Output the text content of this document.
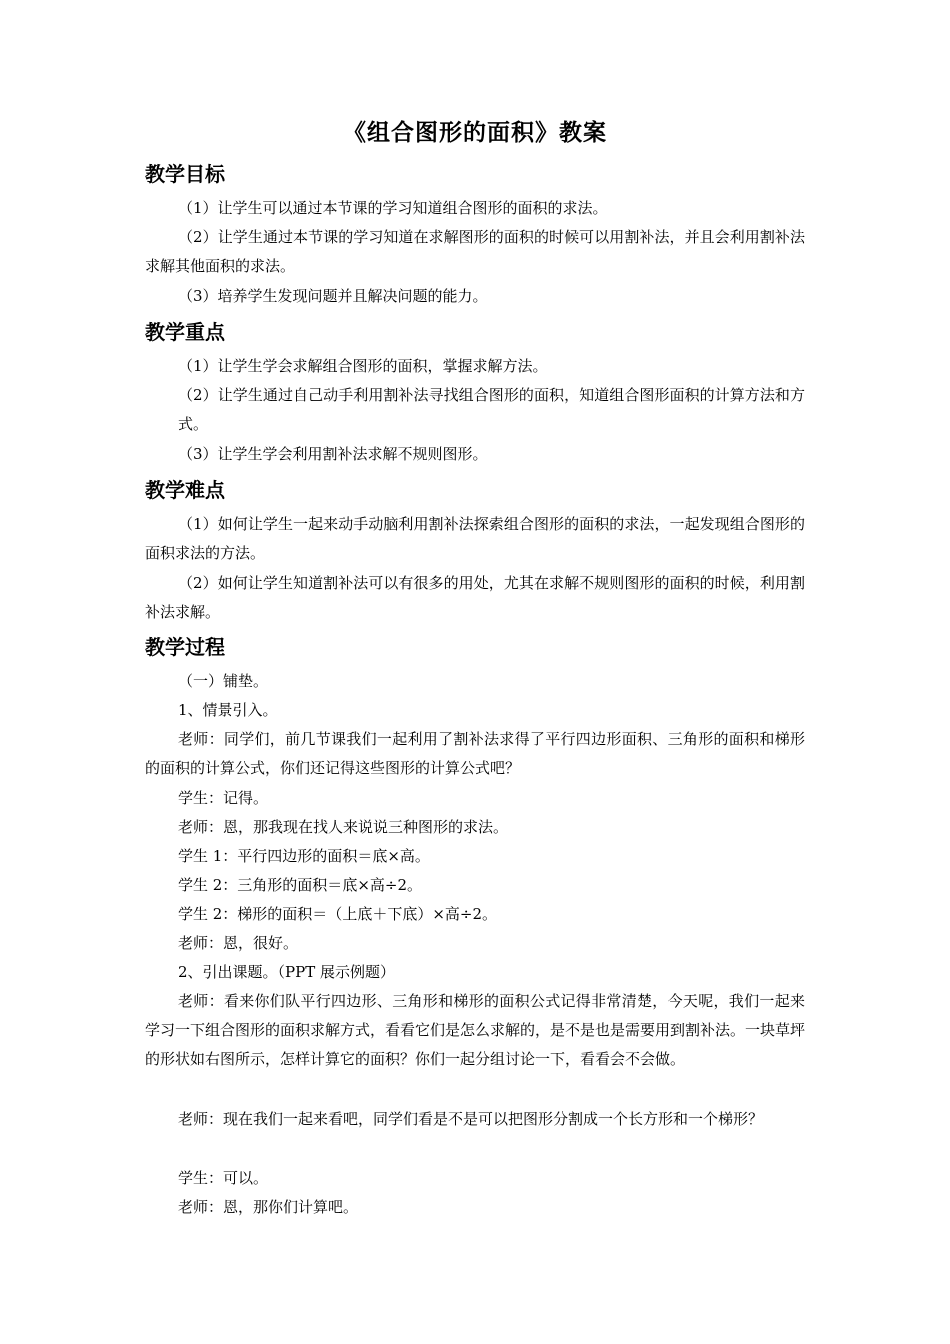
《组合图形的面积》教案
教学目标

（1）让学生可以通过本节课的学习知道组合图形的面积的求法。

（2）让学生通过本节课的学习知道在求解图形的面积的时候可以用割补法，并且会利用割补法求解其他面积的求法。

（3）培养学生发现问题并且解决问题的能力。

教学重点

（1）让学生学会求解组合图形的面积，掌握求解方法。

（2）让学生通过自己动手利用割补法寻找组合图形的面积，知道组合图形面积的计算方法和方式。

（3）让学生学会利用割补法求解不规则图形。

教学难点

（1）如何让学生一起来动手动脑利用割补法探索组合图形的面积的求法，一起发现组合图形的面积求法的方法。

（2）如何让学生知道割补法可以有很多的用处，尤其在求解不规则图形的面积的时候，利用割补法求解。

教学过程

（一）铺垫。

1、情景引入。

老师：同学们，前几节课我们一起利用了割补法求得了平行四边形面积、三角形的面积和梯形的面积的计算公式，你们还记得这些图形的计算公式吧？

学生：记得。

老师：恩，那我现在找人来说说三种图形的求法。

学生 1：平行四边形的面积＝底×高。

学生 2：三角形的面积＝底×高÷2。

学生 2：梯形的面积＝（上底＋下底）×高÷2。

老师：恩，很好。

2、引出课题。（PPT 展示例题）

老师：看来你们队平行四边形、三角形和梯形的面积公式记得非常清楚，今天呢，我们一起来学习一下组合图形的面积求解方式，看看它们是怎么求解的，是不是也是需要用到割补法。一块草坪的形状如右图所示，怎样计算它的面积？你们一起分组讨论一下，看看会不会做。

老师：现在我们一起来看吧，同学们看是不是可以把图形分割成一个长方形和一个梯形？

学生：可以。

老师：恩，那你们计算吧。
